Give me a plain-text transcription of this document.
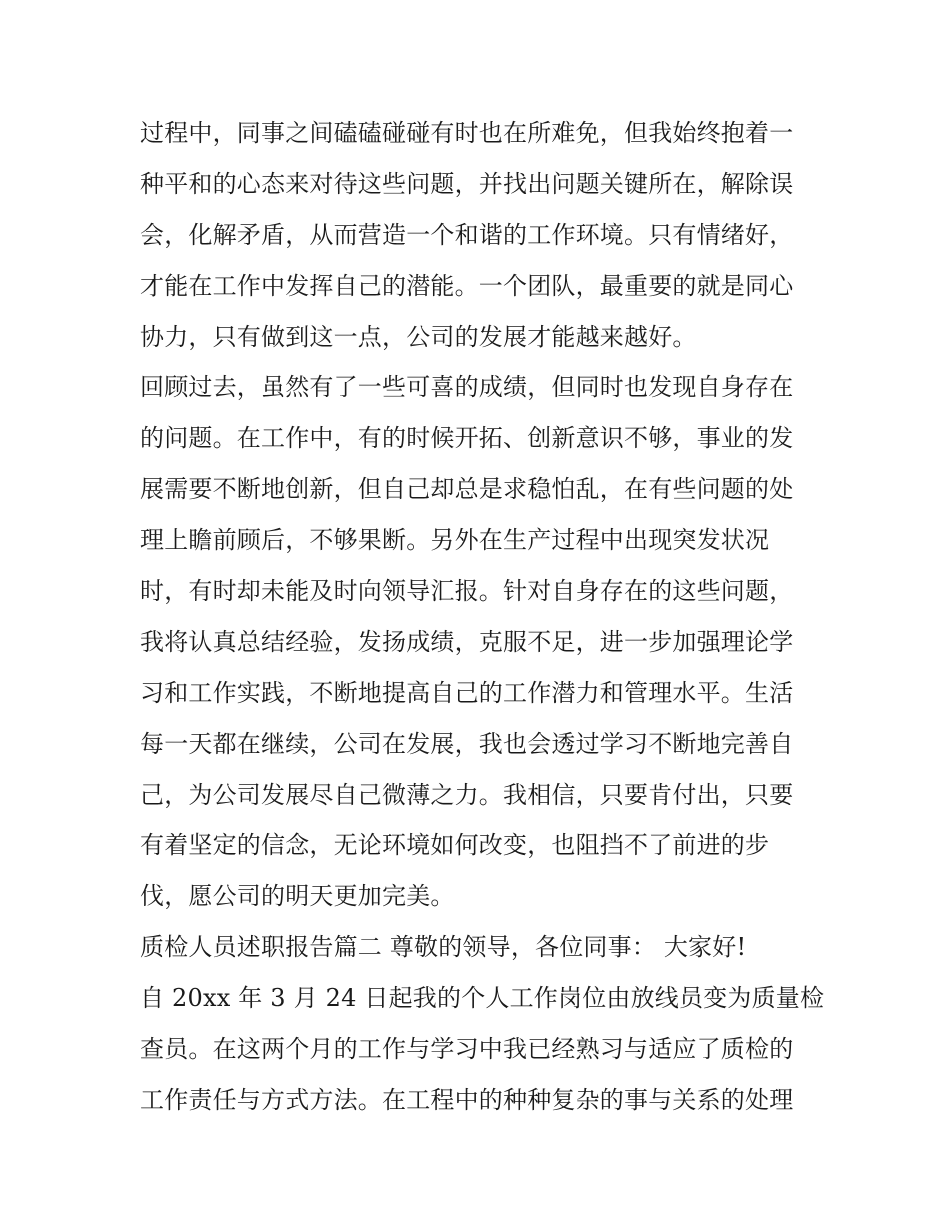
过程中，同事之间磕磕碰碰有时也在所难免，但我始终抱着一
种平和的心态来对待这些问题，并找出问题关键所在，解除误
会，化解矛盾，从而营造一个和谐的工作环境。只有情绪好，
才能在工作中发挥自己的潜能。一个团队，最重要的就是同心
协力，只有做到这一点，公司的发展才能越来越好。
回顾过去，虽然有了一些可喜的成绩，但同时也发现自身存在
的问题。在工作中，有的时候开拓、创新意识不够，事业的发
展需要不断地创新，但自己却总是求稳怕乱，在有些问题的处
理上瞻前顾后，不够果断。另外在生产过程中出现突发状况
时，有时却未能及时向领导汇报。针对自身存在的这些问题，
我将认真总结经验，发扬成绩，克服不足，进一步加强理论学
习和工作实践，不断地提高自己的工作潜力和管理水平。生活
每一天都在继续，公司在发展，我也会透过学习不断地完善自
己，为公司发展尽自己微薄之力。我相信，只要肯付出，只要
有着坚定的信念，无论环境如何改变，也阻挡不了前进的步
伐，愿公司的明天更加完美。
质检人员述职报告篇二 尊敬的领导，各位同事： 大家好!
自 20xx 年 3 月 24 日起我的个人工作岗位由放线员变为质量检
查员。在这两个月的工作与学习中我已经熟习与适应了质检的
工作责任与方式方法。在工程中的种种复杂的事与关系的处理
